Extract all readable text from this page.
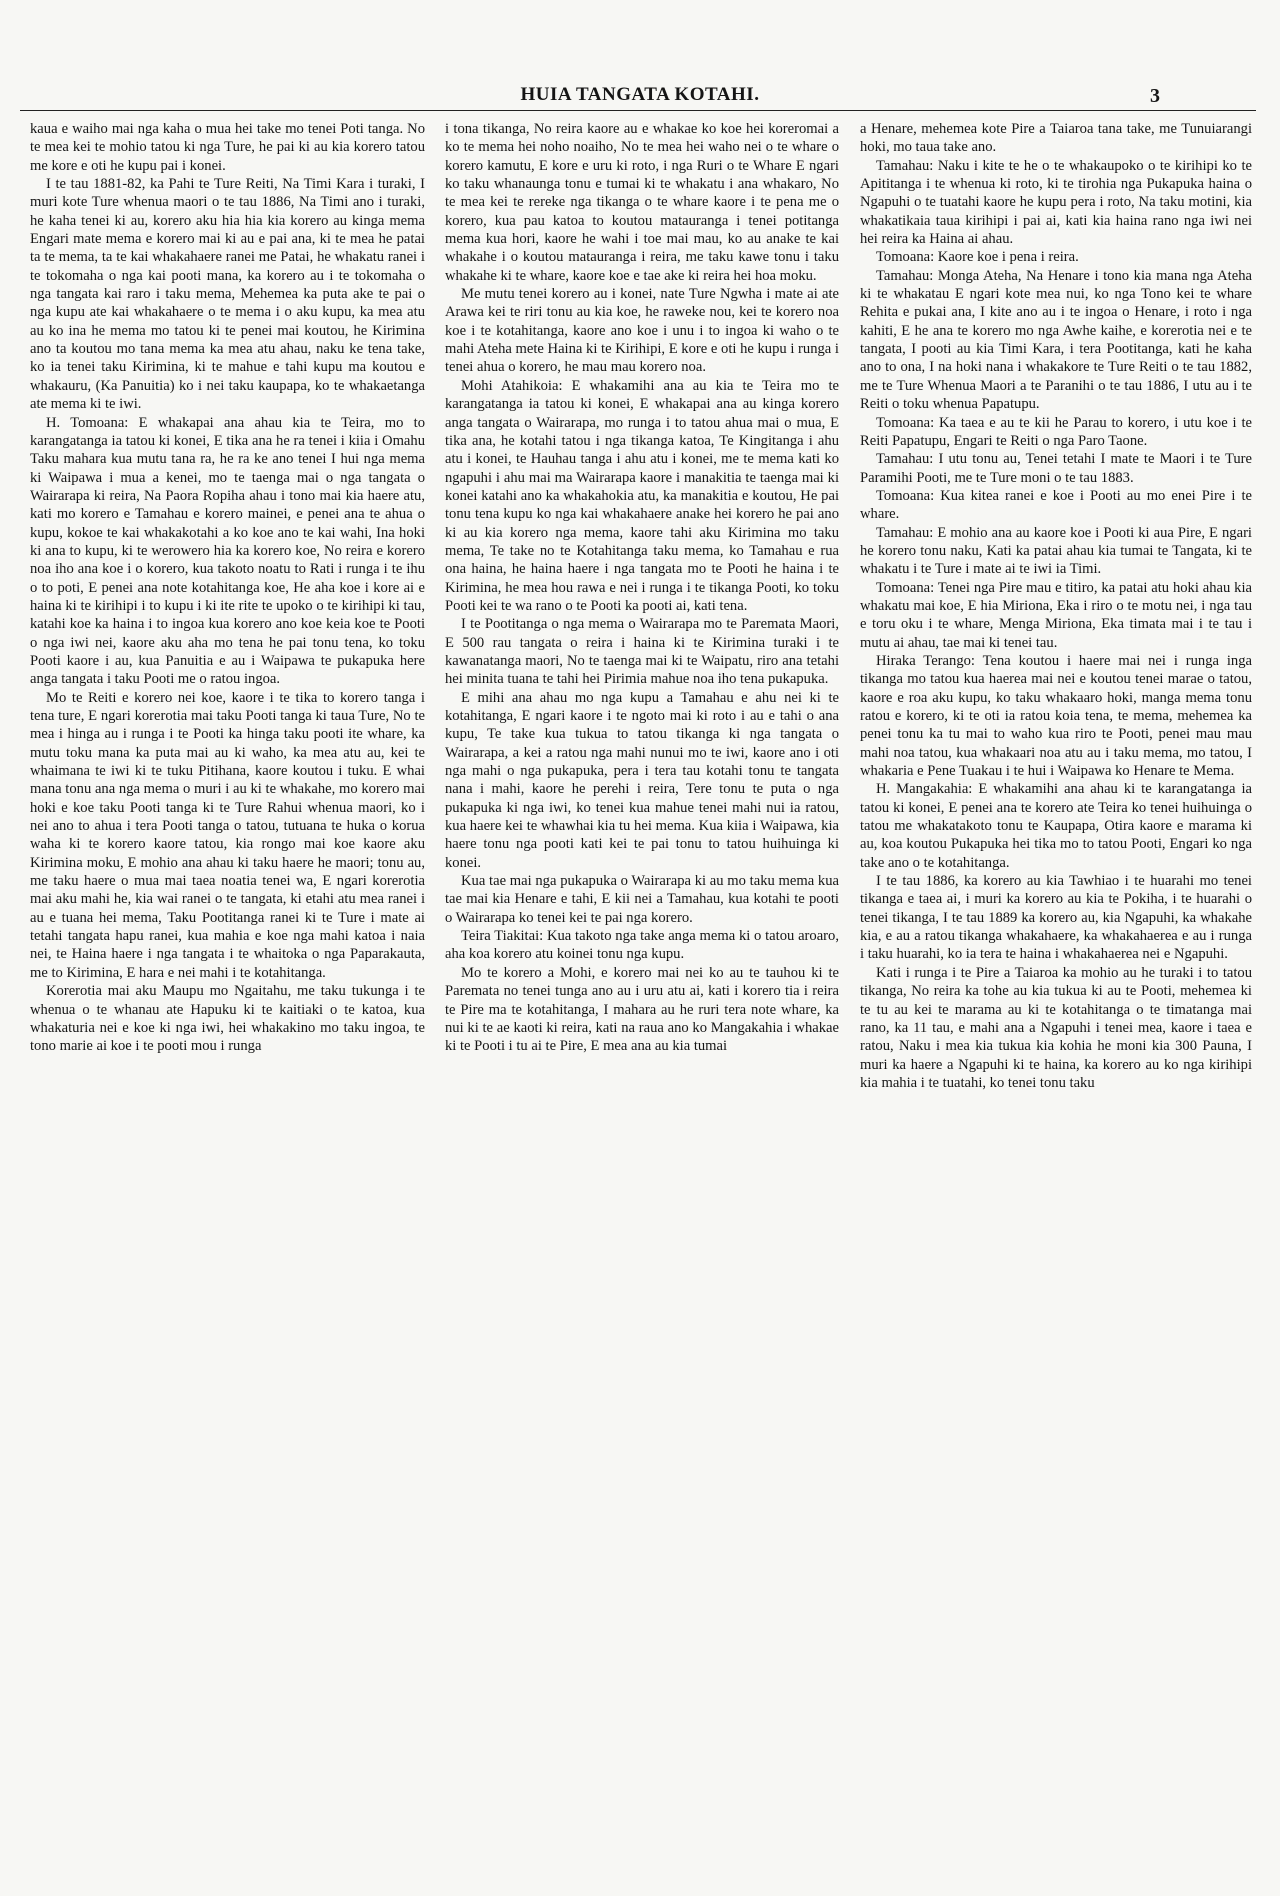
HUIA TANGATA KOTAHI.	3

kaua e waiho mai nga kaha o mua hei take mo tenei Poti tanga. No te mea kei te mohio tatou ki nga Ture, he pai ki au kia korero tatou me kore e oti he kupu pai i konei.

I te tau 1881-82, ka Pahi te Ture Reiti, Na Timi Kara i turaki, I muri kote Ture whenua maori o te tau 1886, Na Timi ano i turaki, he kaha tenei ki au, korero aku hia hia kia korero au kinga mema Engari mate mema e korero mai ki au e pai ana, ki te mea he patai ta te mema, ta te kai whakahaere ranei me Patai, he whakatu ranei i te tokomaha o nga kai pooti mana, ka korero au i te tokomaha o nga tangata kai raro i taku mema, Mehemea ka puta ake te pai o nga kupu ate kai whakahaere o te mema i o aku kupu, ka mea atu au ko ina he mema mo tatou ki te penei mai koutou, he Kirimina ano ta koutou mo tana mema ka mea atu ahau, naku ke tena take, ko ia tenei taku Kirimina, ki te mahue e tahi kupu ma koutou e whakauru, (Ka Panuitia) ko i nei taku kaupapa, ko te whakaetanga ate mema ki te iwi.

H. Tomoana: E whakapai ana ahau kia te Teira, mo to karangatanga ia tatou ki konei, E tika ana he ra tenei i kiia i Omahu Taku mahara kua mutu tana ra, he ra ke ano tenei I hui nga mema ki Waipawa i mua a kenei, mo te taenga mai o nga tangata o Wairarapa ki reira, Na Paora Ropiha ahau i tono mai kia haere atu, kati mo korero e Tamahau e korero mainei, e penei ana te ahua o kupu, kokoe te kai whakakotahi a ko koe ano te kai wahi, Ina hoki ki ana to kupu, ki te werowero hia ka korero koe, No reira e korero noa iho ana koe i o korero, kua takoto noatu to Rati i runga i te ihu o to poti, E penei ana note kotahitanga koe, He aha koe i kore ai e haina ki te kirihipi i to kupu i ki ite rite te upoko o te kirihipi ki tau, katahi koe ka haina i to ingoa kua korero ano koe keia koe te Pooti o nga iwi nei, kaore aku aha mo tena he pai tonu tena, ko toku Pooti kaore i au, kua Panuitia e au i Waipawa te pukapuka here anga tangata i taku Pooti me o ratou ingoa.

Mo te Reiti e korero nei koe, kaore i te tika to korero tanga i tena ture, E ngari korerotia mai taku Pooti tanga ki taua Ture, No te mea i hinga au i runga i te Pooti ka hinga taku pooti ite whare, ka mutu toku mana ka puta mai au ki waho, ka mea atu au, kei te whaimana te iwi ki te tuku Pitihana, kaore koutou i tuku. E whai mana tonu ana nga mema o muri i au ki te whakahe, mo korero mai hoki e koe taku Pooti tanga ki te Ture Rahui whenua maori, ko i nei ano to ahua i tera Pooti tanga o tatou, tutuana te huka o korua waha ki te korero kaore tatou, kia rongo mai koe kaore aku Kirimina moku, E mohio ana ahau ki taku haere he maori; tonu au, me taku haere o mua mai taea noatia tenei wa, E ngari korerotia mai aku mahi he, kia wai ranei o te tangata, ki etahi atu mea ranei i au e tuana hei mema, Taku Pootitanga ranei ki te Ture i mate ai tetahi tangata hapu ranei, kua mahia e koe nga mahi katoa i naia nei, te Haina haere i nga tangata i te whaitoka o nga Paparakauta, me to Kirimina, E hara e nei mahi i te kotahitanga.

Korerotia mai aku Maupu mo Ngaitahu, me taku tukunga i te whenua o te whanau ate Hapuku ki te kaitiaki o te katoa, kua whakaturia nei e koe ki nga iwi, hei whakakino mo taku ingoa, te tono marie ai koe i te pooti mou i runga

i tona tikanga, No reira kaore au e whakae ko koe hei koreromai a ko te mema hei noho noaiho, No te mea hei waho nei o te whare o korero kamutu, E kore e uru ki roto, i nga Ruri o te Whare E ngari ko taku whanaunga tonu e tumai ki te whakatu i ana whakaro, No te mea kei te rereke nga tikanga o te whare kaore i te pena me o korero, kua pau katoa to koutou matauranga i tenei potitanga mema kua hori, kaore he wahi i toe mai mau, ko au anake te kai whakahe i o koutou matauranga i reira, me taku kawe tonu i taku whakahe ki te whare, kaore koe e tae ake ki reira hei hoa moku.

Me mutu tenei korero au i konei, nate Ture Ngwha i mate ai ate Arawa kei te riri tonu au kia koe, he raweke nou, kei te korero noa koe i te kotahitanga, kaore ano koe i unu i to ingoa ki waho o te mahi Ateha mete Haina ki te Kirihipi, E kore e oti he kupu i runga i tenei ahua o korero, he mau mau korero noa.

Mohi Atahikoia: E whakamihi ana au kia te Teira mo te karangatanga ia tatou ki konei, E whakapai ana au kinga korero anga tangata o Wairarapa, mo runga i to tatou ahua mai o mua, E tika ana, he kotahi tatou i nga tikanga katoa, Te Kingitanga i ahu atu i konei, te Hauhau tanga i ahu atu i konei, me te mema kati ko ngapuhi i ahu mai ma Wairarapa kaore i manakitia te taenga mai ki konei katahi ano ka whakahokia atu, ka manakitia e koutou, He pai tonu tena kupu ko nga kai whakahaere anake hei korero he pai ano ki au kia korero nga mema, kaore tahi aku Kirimina mo taku mema, Te take no te Kotahitanga taku mema, ko Tamahau e rua ona haina, he haina haere i nga tangata mo te Pooti he haina i te Kirimina, he mea hou rawa e nei i runga i te tikanga Pooti, ko toku Pooti kei te wa rano o te Pooti ka pooti ai, kati tena.

I te Pootitanga o nga mema o Wairarapa mo te Paremata Maori, E 500 rau tangata o reira i haina ki te Kirimina turaki i te kawanatanga maori, No te taenga mai ki te Waipatu, riro ana tetahi hei minita tuana te tahi hei Pirimia mahue noa iho tena pukapuka.

E mihi ana ahau mo nga kupu a Tamahau e ahu nei ki te kotahitanga, E ngari kaore i te ngoto mai ki roto i au e tahi o ana kupu, Te take kua tukua to tatou tikanga ki nga tangata o Wairarapa, a kei a ratou nga mahi nunui mo te iwi, kaore ano i oti nga mahi o nga pukapuka, pera i tera tau kotahi tonu te tangata nana i mahi, kaore he perehi i reira, Tere tonu te puta o nga pukapuka ki nga iwi, ko tenei kua mahue tenei mahi nui ia ratou, kua haere kei te whawhai kia tu hei mema. Kua kiia i Waipawa, kia haere tonu nga pooti kati kei te pai tonu to tatou huihuinga ki konei.

Kua tae mai nga pukapuka o Wairarapa ki au mo taku mema kua tae mai kia Henare e tahi, E kii nei a Tamahau, kua kotahi te pooti o Wairarapa ko tenei kei te pai nga korero.

Teira Tiakitai: Kua takoto nga take anga mema ki o tatou aroaro, aha koa korero atu koinei tonu nga kupu.

Mo te korero a Mohi, e korero mai nei ko au te tauhou ki te Paremata no tenei tunga ano au i uru atu ai, kati i korero tia i reira te Pire ma te kotahitanga, I mahara au he ruri tera note whare, ka nui ki te ae kaoti ki reira, kati na raua ano ko Mangakahia i whakae ki te Pooti i tu ai te Pire, E mea ana au kia tumai

a Henare, mehemea kote Pire a Taiaroa tana take, me Tunuiarangi hoki, mo taua take ano.

Tamahau: Naku i kite te he o te whakaupoko o te kirihipi ko te Apititanga i te whenua ki roto, ki te tirohia nga Pukapuka haina o Ngapuhi o te tuatahi kaore he kupu pera i roto, Na taku motini, kia whakatikaia taua kirihipi i pai ai, kati kia haina rano nga iwi nei hei reira ka Haina ai ahau.

Tomoana: Kaore koe i pena i reira.

Tamahau: Monga Ateha, Na Henare i tono kia mana nga Ateha ki te whakatau E ngari kote mea nui, ko nga Tono kei te whare Rehita e pukai ana, I kite ano au i te ingoa o Henare, i roto i nga kahiti, E he ana te korero mo nga Awhe kaihe, e korerotia nei e te tangata, I pooti au kia Timi Kara, i tera Pootitanga, kati he kaha ano to ona, I na hoki nana i whakakore te Ture Reiti o te tau 1882, me te Ture Whenua Maori a te Paranihi o te tau 1886, I utu au i te Reiti o toku whenua Papatupu.

Tomoana: Ka taea e au te kii he Parau to korero, i utu koe i te Reiti Papatupu, Engari te Reiti o nga Paro Taone.

Tamahau: I utu tonu au, Tenei tetahi I mate te Maori i te Ture Paramihi Pooti, me te Ture moni o te tau 1883.

Tomoana: Kua kitea ranei e koe i Pooti au mo enei Pire i te whare.

Tamahau: E mohio ana au kaore koe i Pooti ki aua Pire, E ngari he korero tonu naku, Kati ka patai ahau kia tumai te Tangata, ki te whakatu i te Ture i mate ai te iwi ia Timi.

Tomoana: Tenei nga Pire mau e titiro, ka patai atu hoki ahau kia whakatu mai koe, E hia Miriona, Eka i riro o te motu nei, i nga tau e toru oku i te whare, Menga Miriona, Eka timata mai i te tau i mutu ai ahau, tae mai ki tenei tau.

Hiraka Terango: Tena koutou i haere mai nei i runga inga tikanga mo tatou kua haerea mai nei e koutou tenei marae o tatou, kaore e roa aku kupu, ko taku whakaaro hoki, manga mema tonu ratou e korero, ki te oti ia ratou koia tena, te mema, mehemea ka penei tonu ka tu mai to waho kua riro te Pooti, penei mau mau mahi noa tatou, kua whakaari noa atu au i taku mema, mo tatou, I whakaria e Pene Tuakau i te hui i Waipawa ko Henare te Mema.

H. Mangakahia: E whakamihi ana ahau ki te karangatanga ia tatou ki konei, E penei ana te korero ate Teira ko tenei huihuinga o tatou me whakatakoto tonu te Kaupapa, Otira kaore e marama ki au, koa koutou Pukapuka hei tika mo to tatou Pooti, Engari ko nga take ano o te kotahitanga.

I te tau 1886, ka korero au kia Tawhiao i te huarahi mo tenei tikanga e taea ai, i muri ka korero au kia te Pokiha, i te huarahi o tenei tikanga, I te tau 1889 ka korero au, kia Ngapuhi, ka whakahe kia, e au a ratou tikanga whakahaere, ka whakahaerea e au i runga i taku huarahi, ko ia tera te haina i whakahaerea nei e Ngapuhi.

Kati i runga i te Pire a Taiaroa ka mohio au he turaki i to tatou tikanga, No reira ka tohe au kia tukua ki au te Pooti, mehemea ki te tu au kei te marama au ki te kotahitanga o te timatanga mai rano, ka 11 tau, e mahi ana a Ngapuhi i tenei mea, kaore i taea e ratou, Naku i mea kia tukua kia kohia he moni kia 300 Pauna, I muri ka haere a Ngapuhi ki te haina, ka korero au ko nga kirihipi kia mahia i te tuatahi, ko tenei tonu taku
